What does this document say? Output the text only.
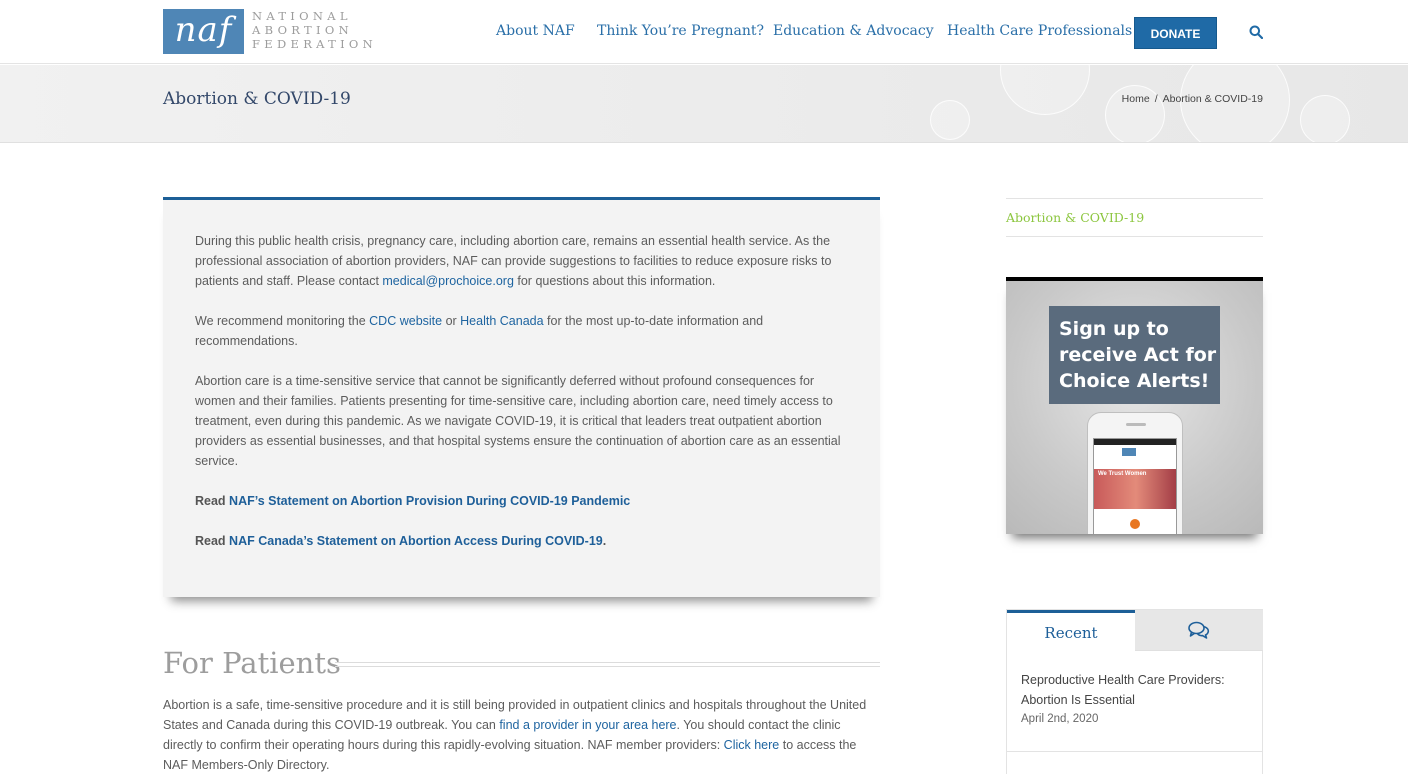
naf	NATIONAL
ABORTION
FEDERATION
About NAF Think You’re Pregnant? Education & Advocacy Health Care Professionals	DONATE
Abortion & COVID-19	Home / Abortion & COVID-19

During this public health crisis, pregnancy care, including abortion care, remains an essential health service. As the professional association of abortion providers, NAF can provide suggestions to facilities to reduce exposure risks to patients and staff. Please contact medical@prochoice.org for questions about this information.

We recommend monitoring the CDC website or Health Canada for the most up-to-date information and recommendations.

Abortion care is a time-sensitive service that cannot be significantly deferred without profound consequences for women and their families. Patients presenting for time-sensitive care, including abortion care, need timely access to treatment, even during this pandemic. As we navigate COVID-19, it is critical that leaders treat outpatient abortion providers as essential businesses, and that hospital systems ensure the continuation of abortion care as an essential service.

Read NAF’s Statement on Abortion Provision During COVID-19 Pandemic

Read NAF Canada’s Statement on Abortion Access During COVID-19.

For Patients

Abortion is a safe, time-sensitive procedure and it is still being provided in outpatient clinics and hospitals throughout the United States and Canada during this COVID-19 outbreak. You can find a provider in your area here. You should contact the clinic directly to confirm their operating hours during this rapidly-evolving situation. NAF member providers: Click here to access the NAF Members-Only Directory.

Abortion & COVID-19
Sign up to
receive Act for
Choice Alerts!
We Trust Women
Recent
Reproductive Health Care Providers: Abortion Is Essential
April 2nd, 2020
